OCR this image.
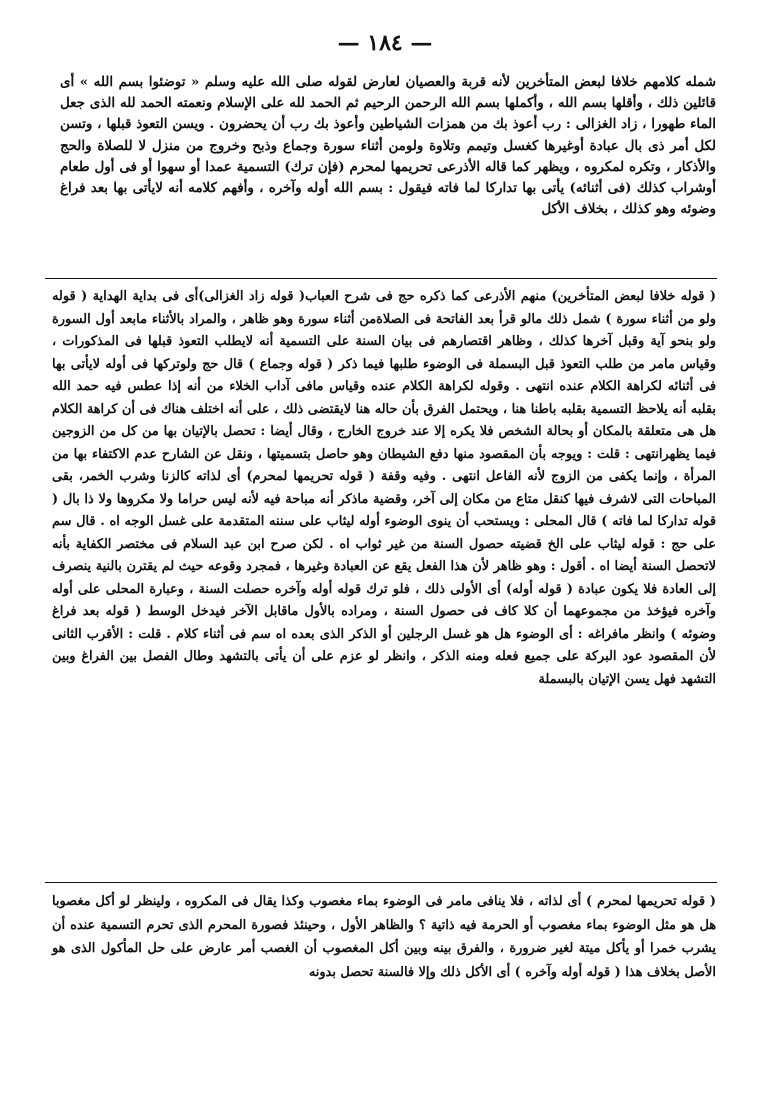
— ١٨٤ —

شمله كلامهم خلافا لبعض المتأخرين لأنه قربة والعصيان لعارض لقوله صلى الله عليه وسلم « توضئوا بسم الله » أى قائلين ذلك ، وأقلها بسم الله ، وأكملها بسم الله الرحمن الرحيم ثم الحمد لله على الإسلام ونعمته الحمد لله الذى جعل الماء طهورا ، زاد الغزالى : رب أعوذ بك من همزات الشياطين وأعوذ بك رب أن يحضرون . ويسن التعوذ قبلها ، وتسن لكل أمر ذى بال عبادة أوغيرها كغسل وتيمم وتلاوة ولومن أثناء سورة وجماع وذبح وخروج من منزل لا للصلاة والحج والأذكار ، وتكره لمكروه ، ويظهر كما قاله الأذرعى تحريمها لمحرم (فإن ترك) التسمية عمدا أو سهوا أو فى أول طعام أوشراب كذلك (فى أثنائه) يأتى بها تداركا لما فاته فيقول : بسم الله أوله وآخره ، وأفهم كلامه أنه لايأتى بها بعد فراغ وضوئه وهو كذلك ، بخلاف الأكل

( قوله خلافا لبعض المتأخرين) منهم الأذرعى كما ذكره حج فى شرح العباب( قوله زاد الغزالى)أى فى بداية الهداية ( قوله ولو من أثناء سورة ) شمل ذلك مالو قرأ بعد الفاتحة فى الصلاةمن أثناء سورة وهو ظاهر ، والمراد بالأثناء مابعد أول السورة ولو بنحو آية وقبل آخرها كذلك ، وظاهر اقتصارهم فى بيان السنة على التسمية أنه لايطلب التعوذ قبلها فى المذكورات ، وقياس مامر من طلب التعوذ قبل البسملة فى الوضوء طلبها فيما ذكر ( قوله وجماع ) قال حج ولوتركها فى أوله لايأتى بها فى أثنائه لكراهة الكلام عنده انتهى . وقوله لكراهة الكلام عنده وقياس مافى آداب الخلاء من أنه إذا عطس فيه حمد الله بقلبه أنه يلاحظ التسمية بقلبه باطنا هنا ، ويحتمل الفرق بأن حاله هنا لايقتضى ذلك ، على أنه اختلف هناك فى أن كراهة الكلام هل هى متعلقة بالمكان أو بحالة الشخص فلا يكره إلا عند خروج الخارج ، وقال أيضا : تحصل بالإتيان بها من كل من الزوجين فيما يظهرانتهى : قلت : ويوجه بأن المقصود منها دفع الشيطان وهو حاصل بتسميتها ، ونقل عن الشارح عدم الاكتفاء بها من المرأة ، وإنما يكفى من الزوج لأنه الفاعل انتهى . وفيه وقفة ( قوله تحريمها لمحرم) أى لذاته كالزنا وشرب الخمر، بقى المباحات التى لاشرف فيها كنقل متاع من مكان إلى آخر، وقضية ماذكر أنه مباحة فيه لأنه ليس حراما ولا مكروها ولا ذا بال ( قوله تداركا لما فاته ) قال المحلى : ويستحب أن ينوى الوضوء أوله ليثاب على سننه المتقدمة على غسل الوجه اه . قال سم على حج : قوله ليثاب على الخ قضيته حصول السنة من غير ثواب اه . لكن صرح ابن عبد السلام فى مختصر الكفاية بأنه لاتحصل السنة أيضا اه . أقول : وهو ظاهر لأن هذا الفعل يقع عن العبادة وغيرها ، فمجرد وقوعه حيث لم يقترن بالنية ينصرف إلى العادة فلا يكون عبادة ( قوله أوله) أى الأولى ذلك ، فلو ترك قوله أوله وآخره حصلت السنة ، وعبارة المحلى على أوله وآخره فيؤخذ من مجموعهما أن كلا كاف فى حصول السنة ، ومراده بالأول ماقابل الآخر فيدخل الوسط ( قوله بعد فراغ وضوئه ) وانظر مافراغه : أى الوضوء هل هو غسل الرجلين أو الذكر الذى بعده اه سم فى أثناء كلام . قلت : الأقرب الثانى لأن المقصود عود البركة على جميع فعله ومنه الذكر ، وانظر لو عزم على أن يأتى بالتشهد وطال الفصل بين الفراغ وبين التشهد فهل يسن الإتيان بالبسملة

( قوله تحريمها لمحرم ) أى لذاته ، فلا ينافى مامر فى الوضوء بماء مغصوب وكذا يقال فى المكروه ، ولينظر لو أكل مغصوبا هل هو مثل الوضوء بماء مغصوب أو الحرمة فيه ذاتية ؟ والظاهر الأول ، وحينئذ فصورة المحرم الذى تحرم التسمية عنده أن يشرب خمرا أو يأكل ميتة لغير ضرورة ، والفرق بينه وبين أكل المغصوب أن الغصب أمر عارض على حل المأكول الذى هو الأصل بخلاف هذا ( قوله أوله وآخره ) أى الأكل ذلك وإلا فالسنة تحصل بدونه
